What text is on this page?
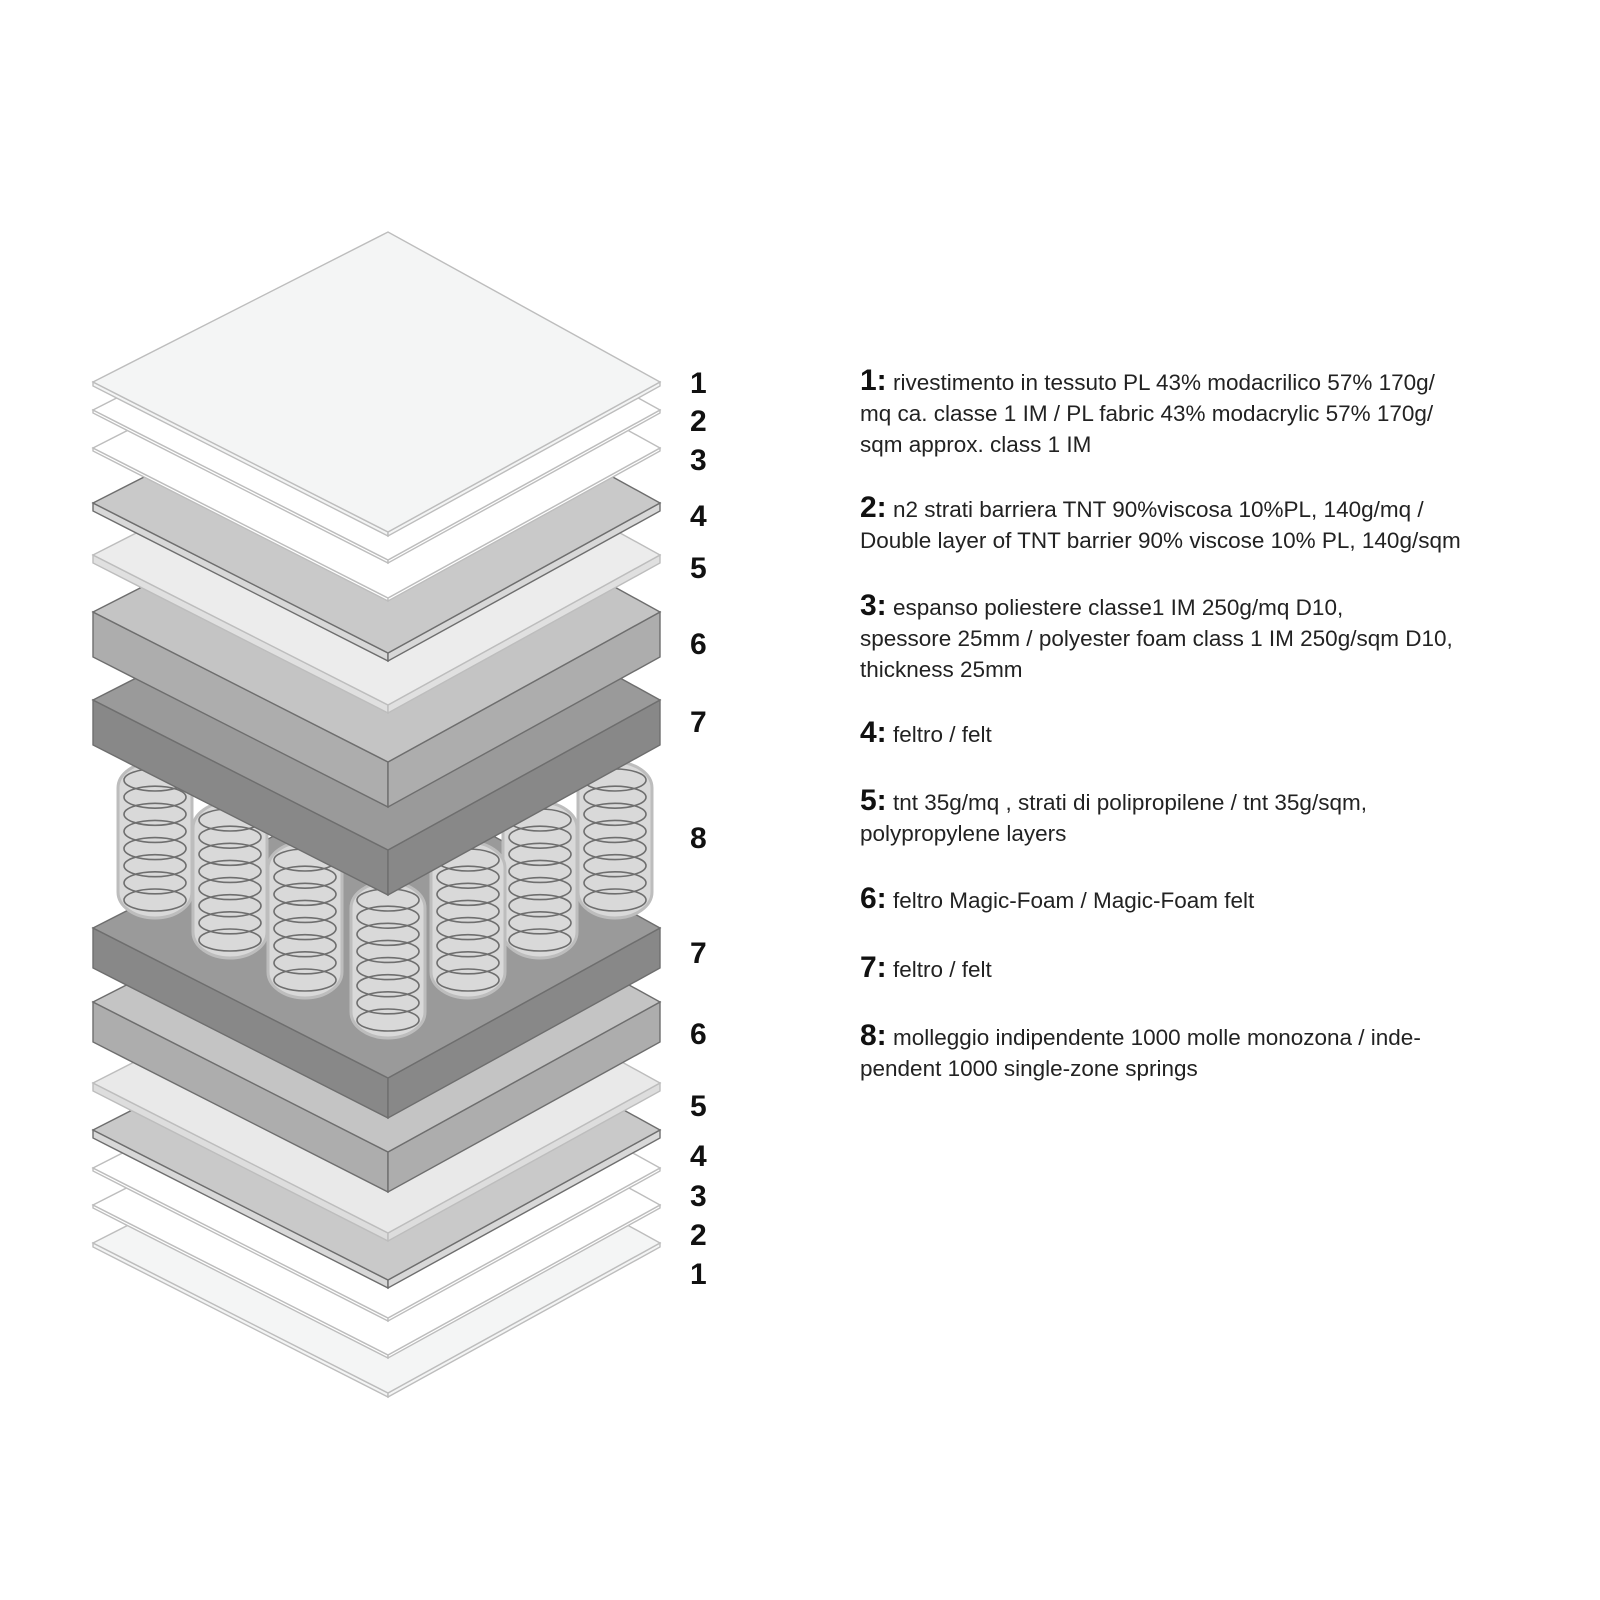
1
2
3
4
5
6
7
8
7
6
5
4
3
2
1
1: rivestimento in tessuto PL 43% modacrilico 57% 170g/
mq ca. classe 1 IM / PL fabric 43% modacrylic 57% 170g/
sqm approx. class 1 IM
2: n2 strati barriera TNT 90%viscosa 10%PL, 140g/mq /
Double layer of TNT barrier 90% viscose 10% PL, 140g/sqm
3: espanso poliestere classe1 IM 250g/mq D10,
spessore 25mm / polyester foam class 1 IM 250g/sqm D10,
thickness 25mm
4: feltro / felt
5: tnt 35g/mq , strati di polipropilene / tnt 35g/sqm,
polypropylene layers
6: feltro Magic-Foam / Magic-Foam felt
7: feltro / felt
8: molleggio indipendente 1000 molle monozona / inde-
pendent 1000 single-zone springs
